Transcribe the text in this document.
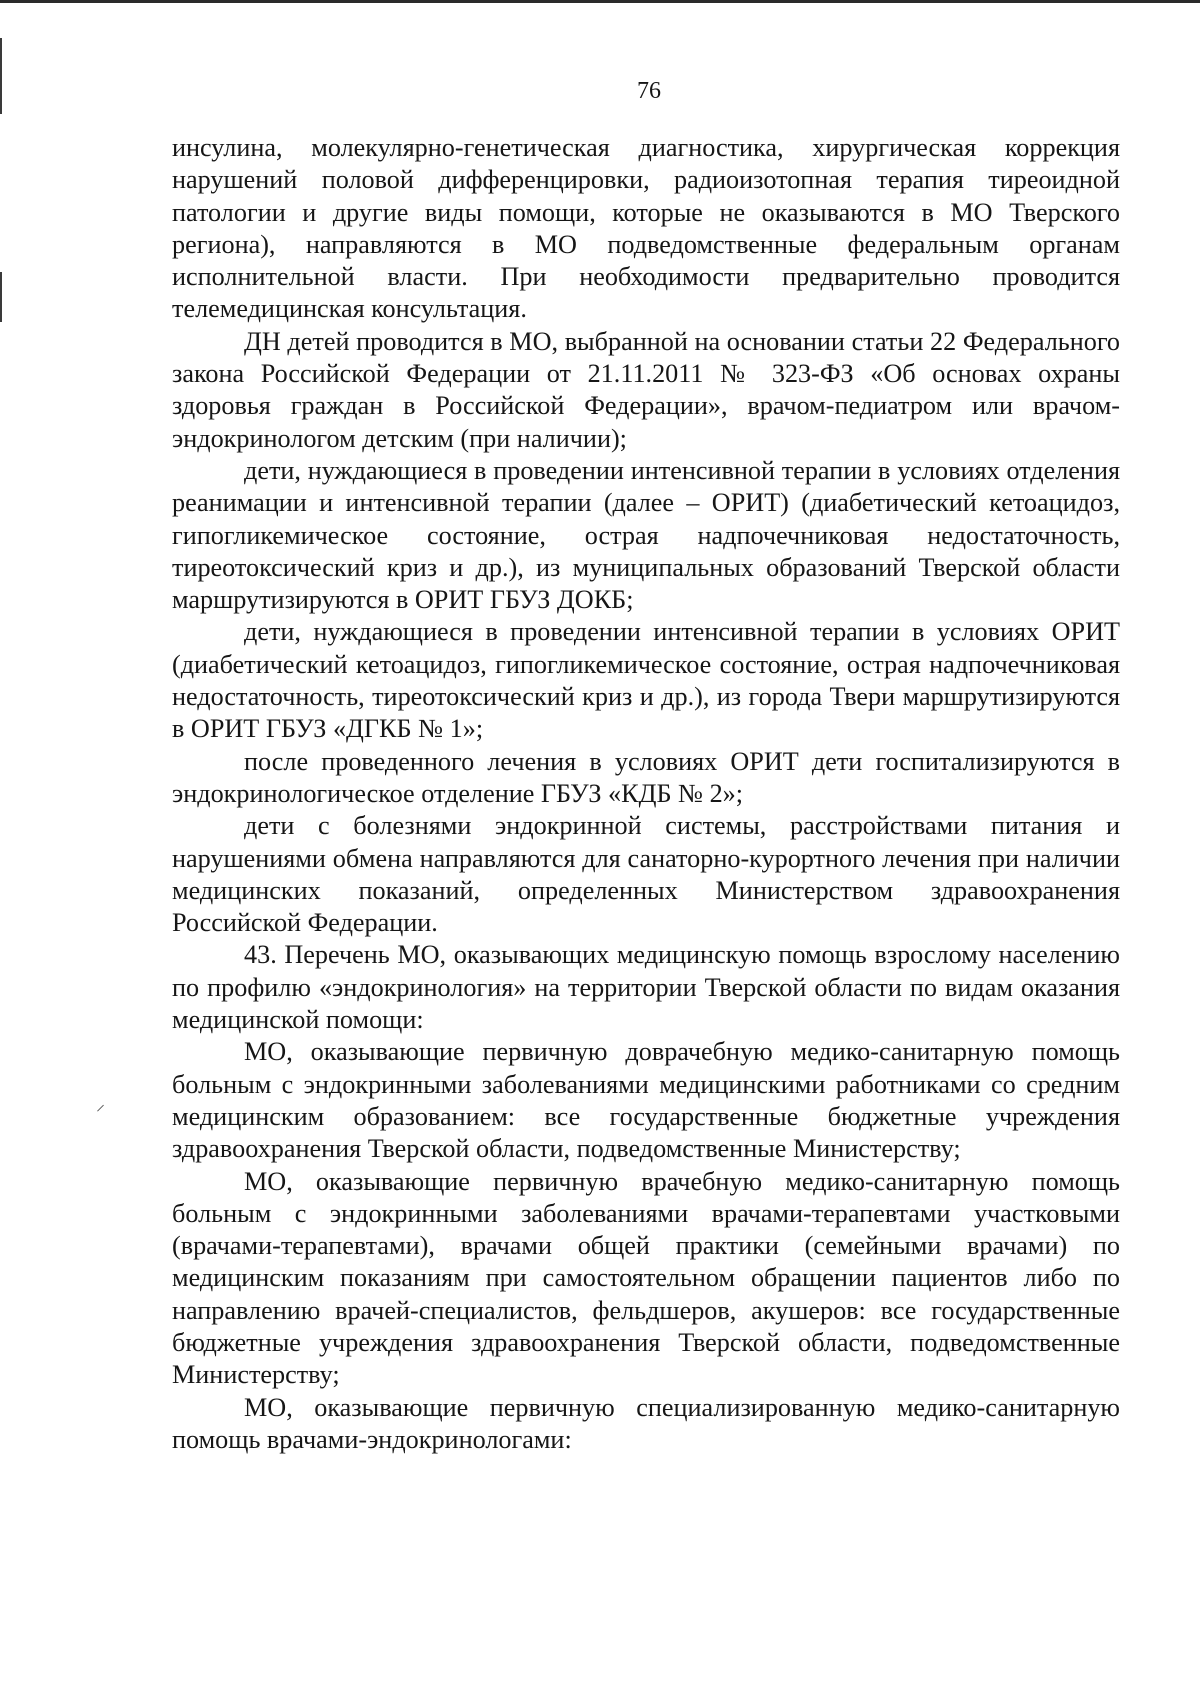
⸝
76

инсулина, молекулярно-генетическая диагностика, хирургическая коррекция нарушений половой дифференцировки, радиоизотопная терапия тиреоидной патологии и другие виды помощи, которые не оказываются в МО Тверского региона), направляются в МО подведомственные федеральным органам исполнительной власти. При необходимости предварительно проводится телемедицинская консультация.

ДН детей проводится в МО, выбранной на основании статьи 22 Федерального закона Российской Федерации от 21.11.2011 № 323-ФЗ «Об основах охраны здоровья граждан в Российской Федерации», врачом-педиатром или врачом-эндокринологом детским (при наличии);

дети, нуждающиеся в проведении интенсивной терапии в условиях отделения реанимации и интенсивной терапии (далее – ОРИТ) (диабетический кетоацидоз, гипогликемическое состояние, острая надпочечниковая недостаточность, тиреотоксический криз и др.), из муниципальных образований Тверской области маршрутизируются в ОРИТ ГБУЗ ДОКБ;

дети, нуждающиеся в проведении интенсивной терапии в условиях ОРИТ (диабетический кетоацидоз, гипогликемическое состояние, острая надпочечниковая недостаточность, тиреотоксический криз и др.), из города Твери маршрутизируются в ОРИТ ГБУЗ «ДГКБ № 1»;

после проведенного лечения в условиях ОРИТ дети госпитализируются в эндокринологическое отделение ГБУЗ «КДБ № 2»;

дети с болезнями эндокринной системы, расстройствами питания и нарушениями обмена направляются для санаторно-курортного лечения при наличии медицинских показаний, определенных Министерством здравоохранения Российской Федерации.

43. Перечень МО, оказывающих медицинскую помощь взрослому населению по профилю «эндокринология» на территории Тверской области по видам оказания медицинской помощи:

МО, оказывающие первичную доврачебную медико-санитарную помощь больным с эндокринными заболеваниями медицинскими работниками со средним медицинским образованием: все государственные бюджетные учреждения здравоохранения Тверской области, подведомственные Министерству;

МО, оказывающие первичную врачебную медико-санитарную помощь больным с эндокринными заболеваниями врачами-терапевтами участковыми (врачами-терапевтами), врачами общей практики (семейными врачами) по медицинским показаниям при самостоятельном обращении пациентов либо по направлению врачей-специалистов, фельдшеров, акушеров: все государственные бюджетные учреждения здравоохранения Тверской области, подведомственные Министерству;

МО, оказывающие первичную специализированную медико-санитарную помощь врачами-эндокринологами:
